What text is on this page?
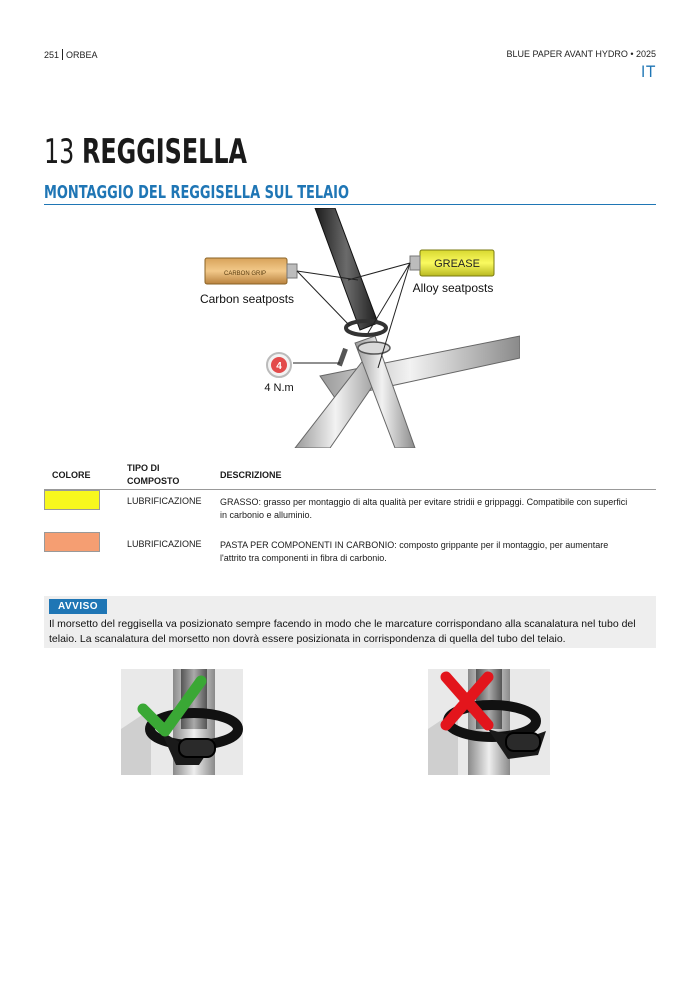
251 ORBEA	BLUE PAPER AVANT HYDRO • 2025
IT
13 REGGISELLA
MONTAGGIO DEL REGGISELLA SUL TELAIO
CARBON GRIP
GREASE
Carbon seatposts
Alloy seatposts
4
4 N.m
COLORE
TIPO DI
COMPOSTO
DESCRIZIONE
LUBRIFICAZIONE GRASSO: grasso per montaggio di alta qualità per evitare stridii e grippaggi. Compatibile con superfici
in carbonio e alluminio.
LUBRIFICAZIONE PASTA PER COMPONENTI IN CARBONIO: composto grippante per il montaggio, per aumentare
l'attrito tra componenti in fibra di carbonio.
AVVISO
Il morsetto del reggisella va posizionato sempre facendo in modo che le marcature corrispondano alla scanalatura nel tubo del
telaio. La scanalatura del morsetto non dovrà essere posizionata in corrispondenza di quella del tubo del telaio.
